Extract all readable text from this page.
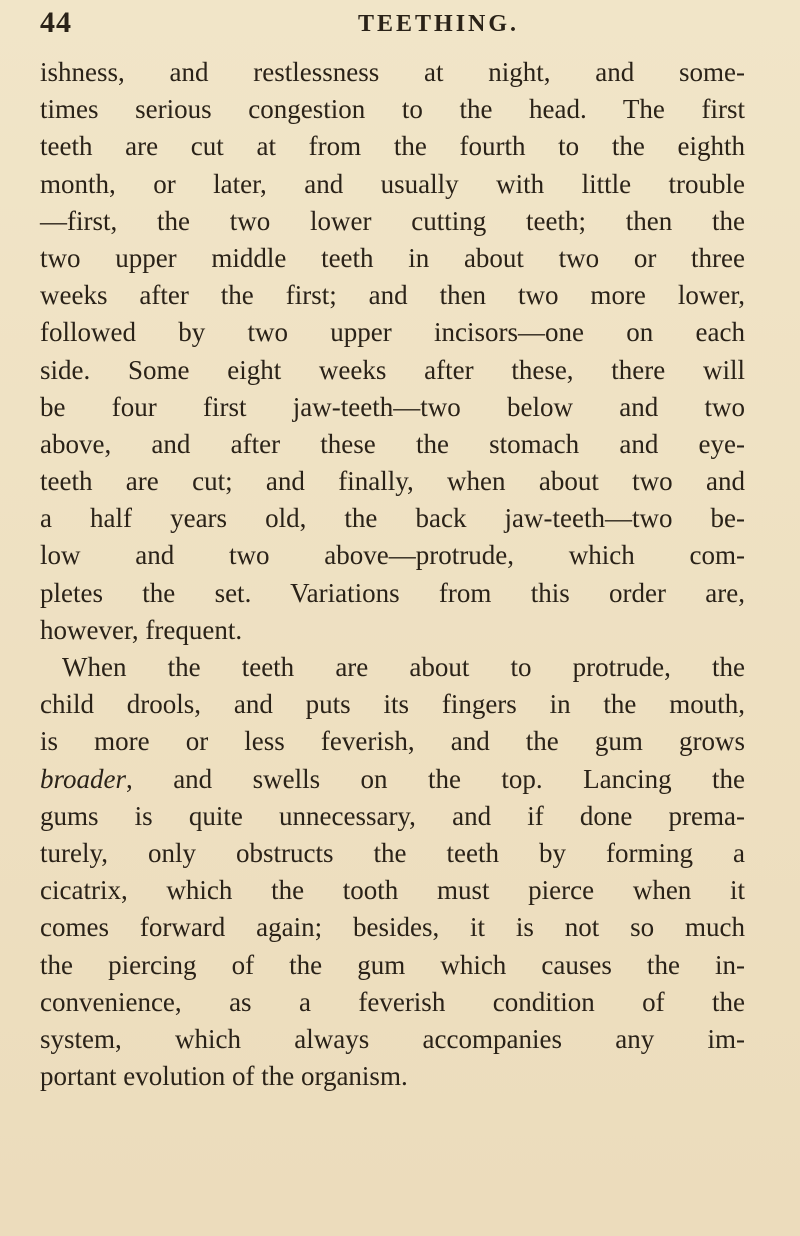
44	TEETHING.
ishness, and restlessness at night, and some-
times serious congestion to the head. The first
teeth are cut at from the fourth to the eighth
month, or later, and usually with little trouble
—first, the two lower cutting teeth; then the
two upper middle teeth in about two or three
weeks after the first; and then two more lower,
followed by two upper incisors—one on each
side. Some eight weeks after these, there will
be four first jaw-teeth—two below and two
above, and after these the stomach and eye-
teeth are cut; and finally, when about two and
a half years old, the back jaw-teeth—two be-
low and two above—protrude, which com-
pletes the set. Variations from this order are,
however, frequent.
When the teeth are about to protrude, the
child drools, and puts its fingers in the mouth,
is more or less feverish, and the gum grows
broader, and swells on the top. Lancing the
gums is quite unnecessary, and if done prema-
turely, only obstructs the teeth by forming a
cicatrix, which the tooth must pierce when it
comes forward again; besides, it is not so much
the piercing of the gum which causes the in-
convenience, as a feverish condition of the
system, which always accompanies any im-
portant evolution of the organism.
